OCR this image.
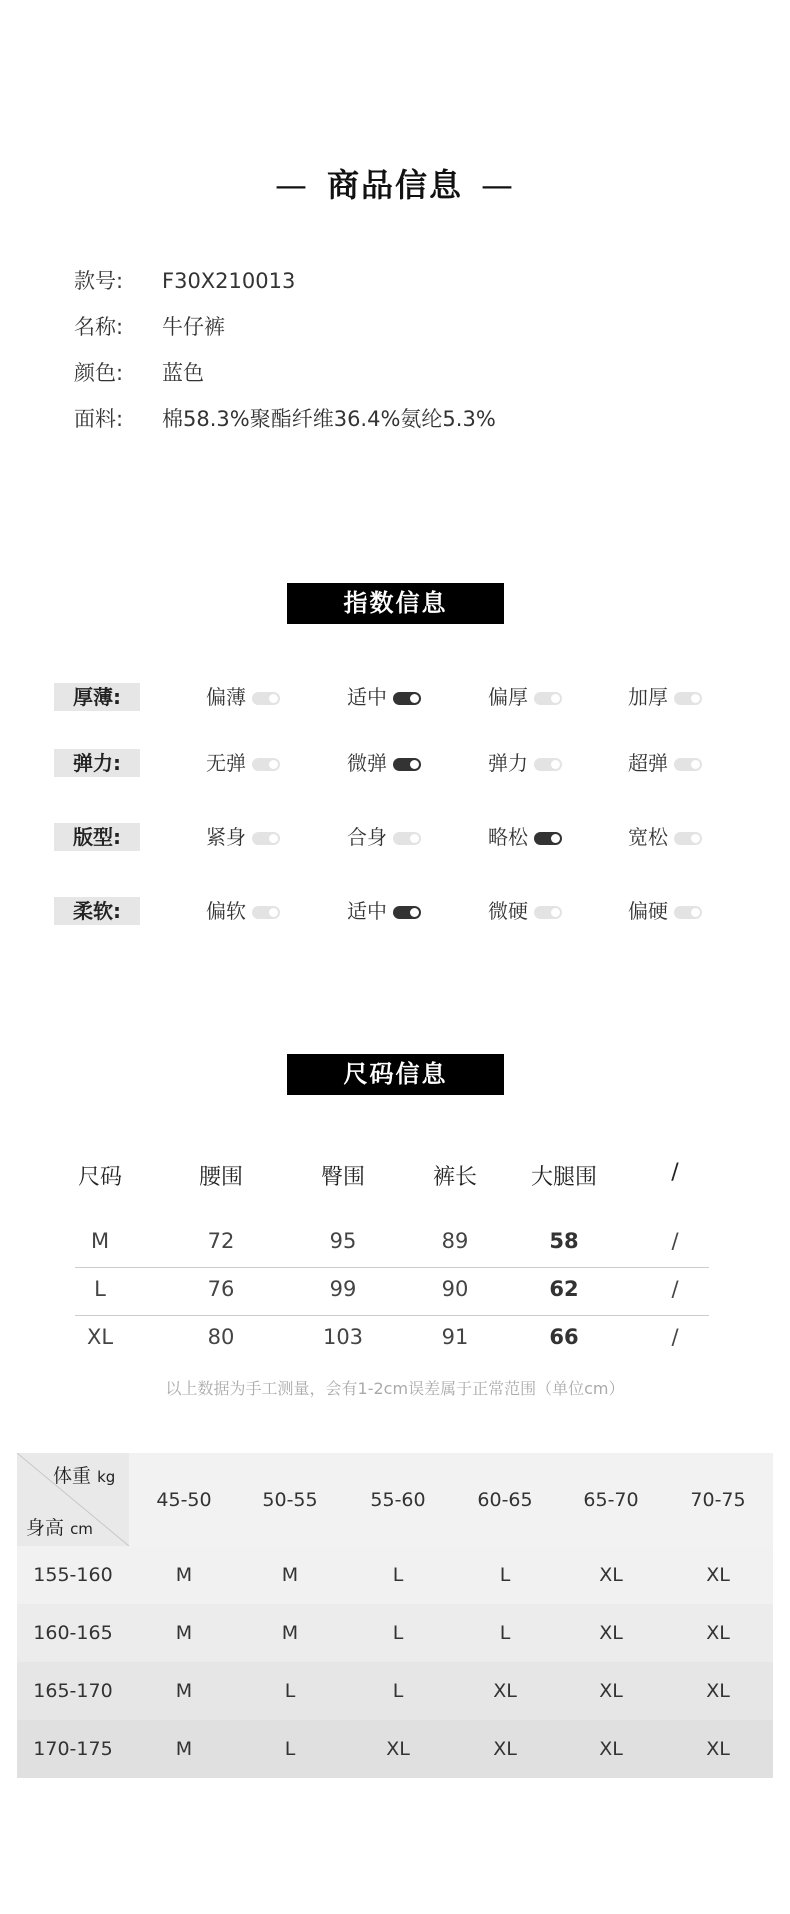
— 商品信息 —
款号: F30X210013
名称: 牛仔裤
颜色: 蓝色
面料: 棉58.3%聚酯纤维36.4%氨纶5.3%
指数信息
厚薄:	偏薄	适中	偏厚	加厚
弹力:	无弹	微弹	弹力	超弹
版型:	紧身	合身	略松	宽松
柔软:	偏软	适中	微硬	偏硬
尺码信息
尺码	腰围	臀围	裤长	大腿围	/
M	72	95	89	58	/
L	76	99	90	62	/
XL	80	103	91	66	/
以上数据为手工测量，会有1-2cm误差属于正常范围（单位cm）
体重 kg
身高 cm
45-50	50-55	55-60	60-65	65-70	70-75
155-160	M	M	L	L	XL	XL
160-165	M	M	L	L	XL	XL
165-170	M	L	L	XL	XL	XL
170-175	M	L	XL	XL	XL	XL
